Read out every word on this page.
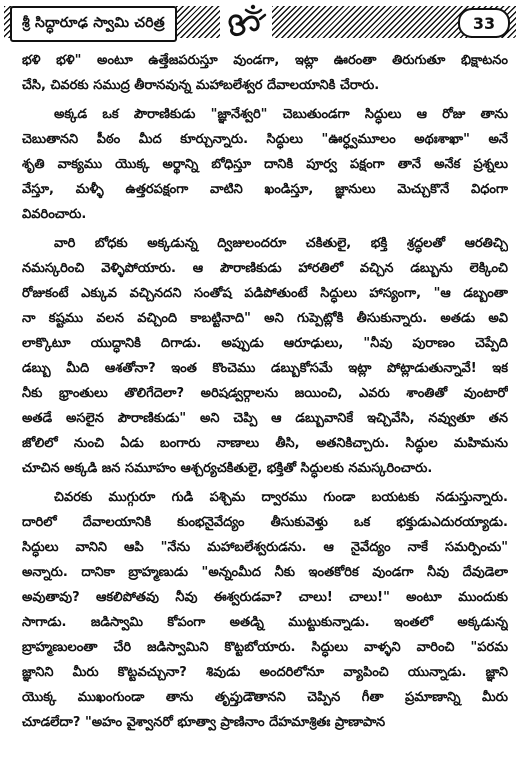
శ్రీ సిద్ధారూఢ స్వామి చరిత్ర	33
భళి భళి" అంటూ ఉత్తేజపరుస్తూ వుండగా, ఇట్లా ఊరంతా తిరుగుతూ భిక్షాటనం
చేసి, చివరకు సముద్ర తీరానవున్న మహాబలేశ్వర దేవాలయానికి చేరారు.
అక్కడ ఒక పౌరాణికుడు "జ్ఞానేశ్వరి" చెబుతుండగా సిద్ధులు ఆ రోజు తాను
చెబుతానని పీఠం మీద కూర్చున్నారు. సిద్ధులు "ఊర్ధ్వమూలం అథఃశాఖా" అనే
శృతి వాక్యము యొక్క అర్థాన్ని బోధిస్తూ దానికి పూర్వ పక్షంగా తానే అనేక ప్రశ్నలు
వేస్తూ, మళ్ళీ ఉత్తరపక్షంగా వాటిని ఖండిస్తూ, జ్ఞానులు మెచ్చుకొనే విధంగా
వివరించారు.
వారి బోధకు అక్కడున్న ద్విజులందరూ చకితులై, భక్తి శ్రద్ధలతో ఆరతిచ్చి
నమస్కరించి వెళ్ళిపోయారు. ఆ పౌరాణికుడు హారతిలో వచ్చిన డబ్బును లెక్కించి
రోజుకంటే ఎక్కువ వచ్చినదని సంతోష పడిపోతుంటే సిద్ధులు హాస్యంగా, "ఆ డబ్బంతా
నా కష్టము వలన వచ్చింది కాబట్టినాది" అని గుప్పెట్లోకి తీసుకున్నారు. అతడు అవి
లాక్కొటూ యుద్ధానికి దిగాడు. అప్పుడు ఆరూఢులు, "నీవు పురాణం చెప్పేది
డబ్బు మీది ఆశతోనా? ఇంత కొంచెము డబ్బుకోసమే ఇట్లా పోట్లాడుతున్నావే! ఇక
నీకు భ్రాంతులు తొలిగేదెలా? అరిషడ్వర్గాలను జయించి, ఎవరు శాంతితో వుంటారో
అతడే అసలైన పౌరాణికుడు" అని చెప్పి ఆ డబ్బువానికే ఇచ్చివేసి, నవ్వుతూ తన
జోలిలో నుంచి ఏడు బంగారు నాణాలు తీసి, అతనికిచ్చారు. సిద్ధుల మహిమను
చూచిన అక్కడి జన సమూహం ఆశ్చర్యచకితులై, భక్తితో సిద్ధులకు నమస్కరించారు.
చివరకు ముగ్గురూ గుడి పశ్చిమ ద్వారము గుండా బయటకు నడుస్తున్నారు.
దారిలో దేవాలయానికి కుంభనైవేద్యం తీసుకువెళ్తు ఒక భక్తుడుఎదురయ్యాడు.
సిద్ధులు వానిని ఆపి "నేను మహాబలేశ్వరుడను. ఆ నైవేద్యం నాకే సమర్పించు"
అన్నారు. దానికా బ్రాహ్మణుడు "అన్నంమీద నీకు ఇంతకోరిక వుండగా నీవు దేవుడెలా
అవుతావు? ఆకలిపోతవు నీవు ఈశ్వరుడవా? చాలు! చాలు!" అంటూ ముందుకు
సాగాడు. జడిస్వామి కోపంగా అతడ్ని ముట్టుకున్నాడు. ఇంతలో అక్కడున్న
బ్రాహ్మణులంతా చేరి జడిస్వామిని కొట్టబోయారు. సిద్ధులు వాళ్ళని వారించి "పరమ
జ్ఞానిని మీరు కొట్టవచ్చునా? శివుడు అందరిలోనూ వ్యాపించి యున్నాడు. జ్ఞాని
యొక్క ముఖంగుండా తాను తృప్తుడౌతానని చెప్పిన గీతా ప్రమాణాన్ని మీరు
చూడలేదా? "అహం వైశ్వానరో భూత్వా ప్రాణినాం దేహమాశ్రితః ప్రాణాపాన
